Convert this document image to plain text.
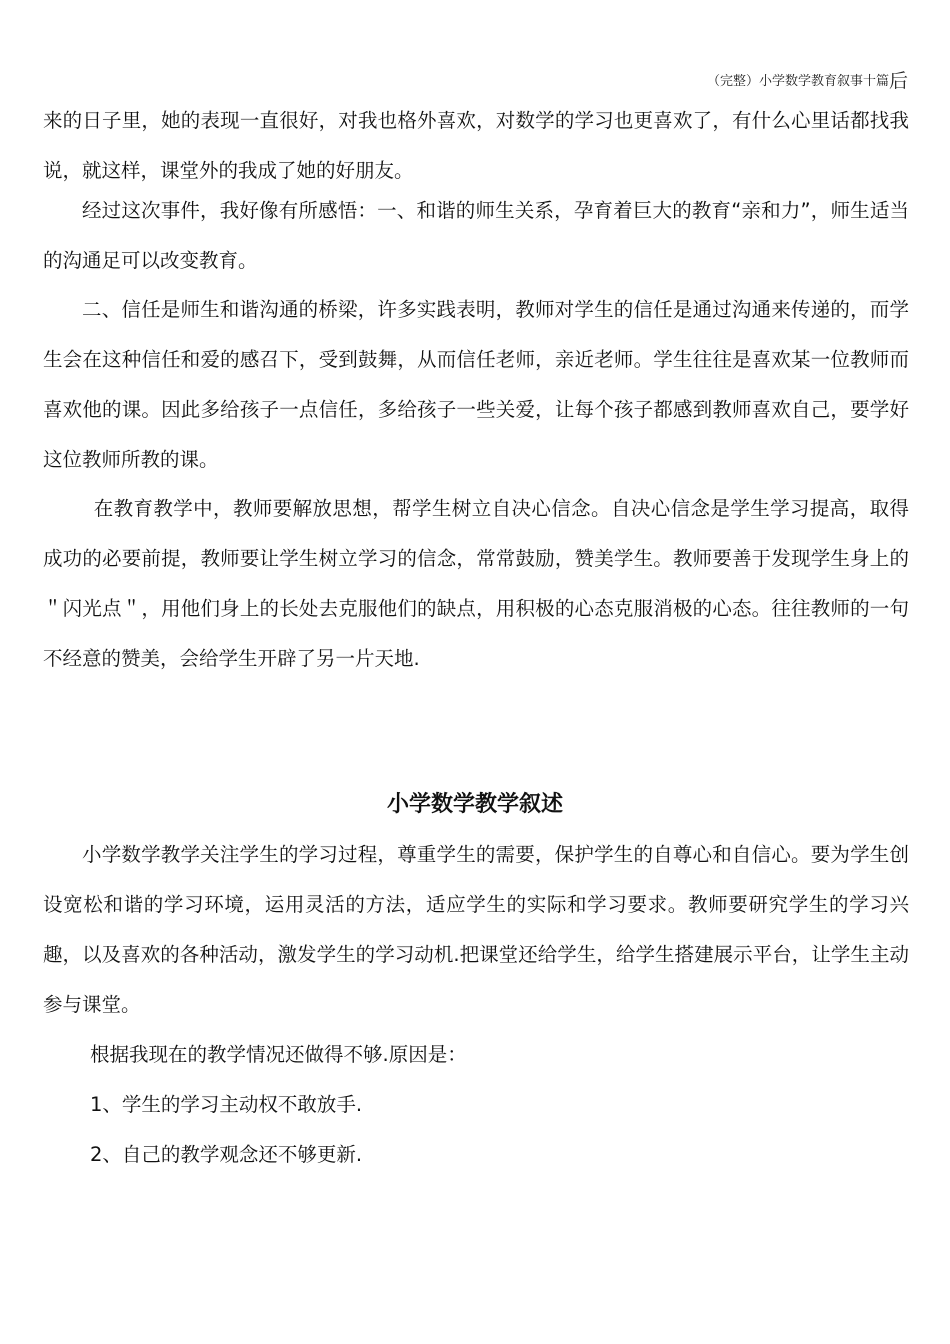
（完整）小学数学教育叙事十篇后

来的日子里，她的表现一直很好，对我也格外喜欢，对数学的学习也更喜欢了，有什么心里话都找我说，就这样，课堂外的我成了她的好朋友。

经过这次事件，我好像有所感悟：一、和谐的师生关系，孕育着巨大的教育“亲和力”，师生适当的沟通足可以改变教育。

二、信任是师生和谐沟通的桥梁，许多实践表明，教师对学生的信任是通过沟通来传递的，而学生会在这种信任和爱的感召下，受到鼓舞，从而信任老师，亲近老师。学生往往是喜欢某一位教师而喜欢他的课。因此多给孩子一点信任，多给孩子一些关爱，让每个孩子都感到教师喜欢自己，要学好这位教师所教的课。

在教育教学中，教师要解放思想，帮学生树立自决心信念。自决心信念是学生学习提高，取得成功的必要前提，教师要让学生树立学习的信念，常常鼓励，赞美学生。教师要善于发现学生身上的＂闪光点＂，用他们身上的长处去克服他们的缺点，用积极的心态克服消极的心态。往往教师的一句不经意的赞美，会给学生开辟了另一片天地.

小学数学教学叙述

小学数学教学关注学生的学习过程，尊重学生的需要，保护学生的自尊心和自信心。要为学生创设宽松和谐的学习环境，运用灵活的方法，适应学生的实际和学习要求。教师要研究学生的学习兴趣，以及喜欢的各种活动，激发学生的学习动机.把课堂还给学生，给学生搭建展示平台，让学生主动参与课堂。

根据我现在的教学情况还做得不够.原因是：

1、学生的学习主动权不敢放手.

2、自己的教学观念还不够更新.
